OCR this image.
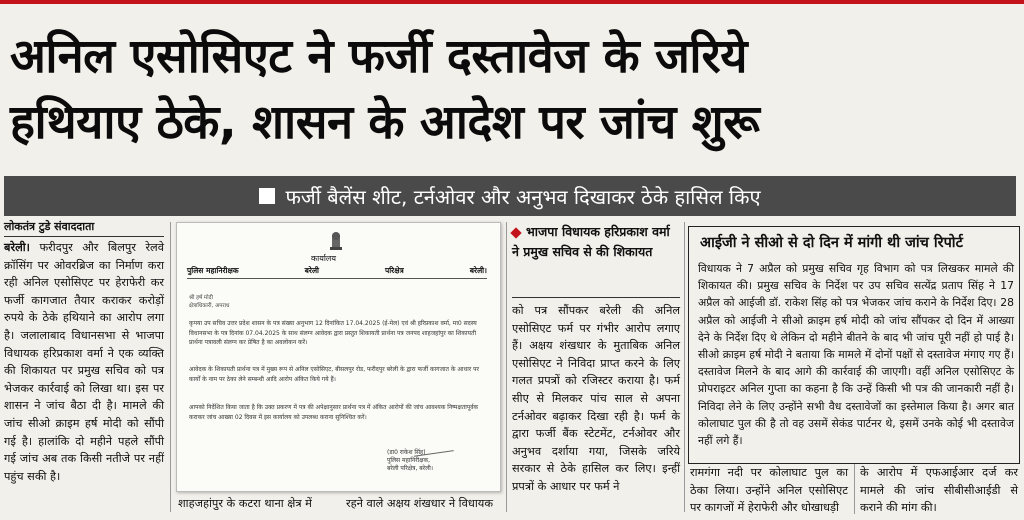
अनिल एसोसिएट ने फर्जी दस्तावेज के जरिये
हथियाए ठेके, शासन के आदेश पर जांच शुरू
फर्जी बैलेंस शीट, टर्नओवर और अनुभव दिखाकर ठेके हासिल किए
लोकतंत्र टुडे संवाददाता
बरेली। फरीदपुर और बिलपुर रेलवे क्रॉसिंग पर ओवरब्रिज का निर्माण करा रही अनिल एसोसिएट पर हेराफेरी कर फर्जी कागजात तैयार कराकर करोड़ों रुपये के ठेके हथियाने का आरोप लगा है। जलालाबाद विधानसभा से भाजपा विधायक हरिप्रकाश वर्मा ने एक व्यक्ति की शिकायत पर प्रमुख सचिव को पत्र भेजकर कार्रवाई को लिखा था। इस पर शासन ने जांच बैठा दी है। मामले की जांच सीओ क्राइम हर्ष मोदी को सौंपी गई है। हालांकि दो महीने पहले सौंपी गई जांच अब तक किसी नतीजे पर नहीं पहुंच सकी है।
कार्यालय
पुलिस महानिरीक्षक	बरेली	परिक्षेत्र	बरेली।
श्री हर्ष मोदी
क्षेत्राधिकारी, अपराध
कृपया उप सचिव उत्तर प्रदेश शासन के पत्र संख्या अनुभाग 12 दिनांकित 17.04.2025 (ई-मेल) एवं श्री हरिप्रकाश वर्मा, मा0 सदस्य विधानसभा के पत्र दिनांक 07.04.2025 के साथ संलग्न आवेदक द्वारा प्रस्तुत शिकायती प्रार्थना पत्र जनपद शाहजहांपुर का शिकायती प्रार्थना पत्रावली संलग्न कर प्रेषित है का अवलोकन करें।
आवेदक के शिकायती प्रार्थना पत्र में मुख्य रूप से अनिल एसोसिएट, बीसलपुर रोड, फरीदपुर बरेली के द्वारा फर्जी कागजात के आधार पर कार्यों के नाम पर ठेका लेने सम्बन्धी आदि आरोप अंकित किये गये हैं।
आपको निर्देशित किया जाता है कि उक्त प्रकरण में पत्र की अपेक्षानुसार प्रार्थना पत्र में अंकित आरोपों की जांच आवश्यक निष्पक्षतापूर्वक कराकर जांच आख्या 02 दिवस में इस कार्यालय को उपलब्ध कराना सुनिश्चित करें।
(डा0 राकेश सिंह)
पुलिस महानिरीक्षक,
बरेली परिक्षेत्र, बरेली।
शाहजहांपुर के कटरा थाना क्षेत्र में	रहने वाले अक्षय शंखधार ने विधायक
भाजपा विधायक हरिप्रकाश वर्मा ने प्रमुख सचिव से की शिकायत
को पत्र सौंपकर बरेली की अनिल एसोसिएट फर्म पर गंभीर आरोप लगाए हैं। अक्षय शंखधार के मुताबिक अनिल एसोसिएट ने निविदा प्राप्त करने के लिए गलत प्रपत्रों को रजिस्टर कराया है। फर्म सीए से मिलकर पांच साल से अपना टर्नओवर बढ़ाकर दिखा रही है। फर्म के द्वारा फर्जी बैंक स्टेटमेंट, टर्नओवर और अनुभव दर्शाया गया, जिसके जरिये सरकार से ठेके हासिल कर लिए। इन्हीं प्रपत्रों के आधार पर फर्म ने
आईजी ने सीओ से दो दिन में मांगी थी जांच रिपोर्ट
विधायक ने 7 अप्रैल को प्रमुख सचिव गृह विभाग को पत्र लिखकर मामले की शिकायत की। प्रमुख सचिव के निर्देश पर उप सचिव सत्येंद्र प्रताप सिंह ने 17 अप्रैल को आईजी डॉ. राकेश सिंह को पत्र भेजकर जांच कराने के निर्देश दिए। 28 अप्रैल को आईजी ने सीओ क्राइम हर्ष मोदी को जांच सौंपकर दो दिन में आख्या देने के निर्देश दिए थे लेकिन दो महीने बीतने के बाद भी जांच पूरी नहीं हो पाई है। सीओ क्राइम हर्ष मोदी ने बताया कि मामले में दोनों पक्षों से दस्तावेज मंगाए गए हैं। दस्तावेज मिलने के बाद आगे की कार्रवाई की जाएगी। वहीं अनिल एसोसिएट के प्रोपराइटर अनिल गुप्ता का कहना है कि उन्हें किसी भी पत्र की जानकारी नहीं है। निविदा लेने के लिए उन्होंने सभी वैध दस्तावेजों का इस्तेमाल किया है। अगर बात कोलाघाट पुल की है तो वह उसमें सेकंड पार्टनर थे, इसमें उनके कोई भी दस्तावेज नहीं लगे हैं।
रामगंगा नदी पर कोलाघाट पुल का ठेका लिया। उन्होंने अनिल एसोसिएट पर कागजों में हेराफेरी और धोखाधड़ी
के आरोप में एफआईआर दर्ज कर मामले की जांच सीबीसीआईडी से कराने की मांग की।
